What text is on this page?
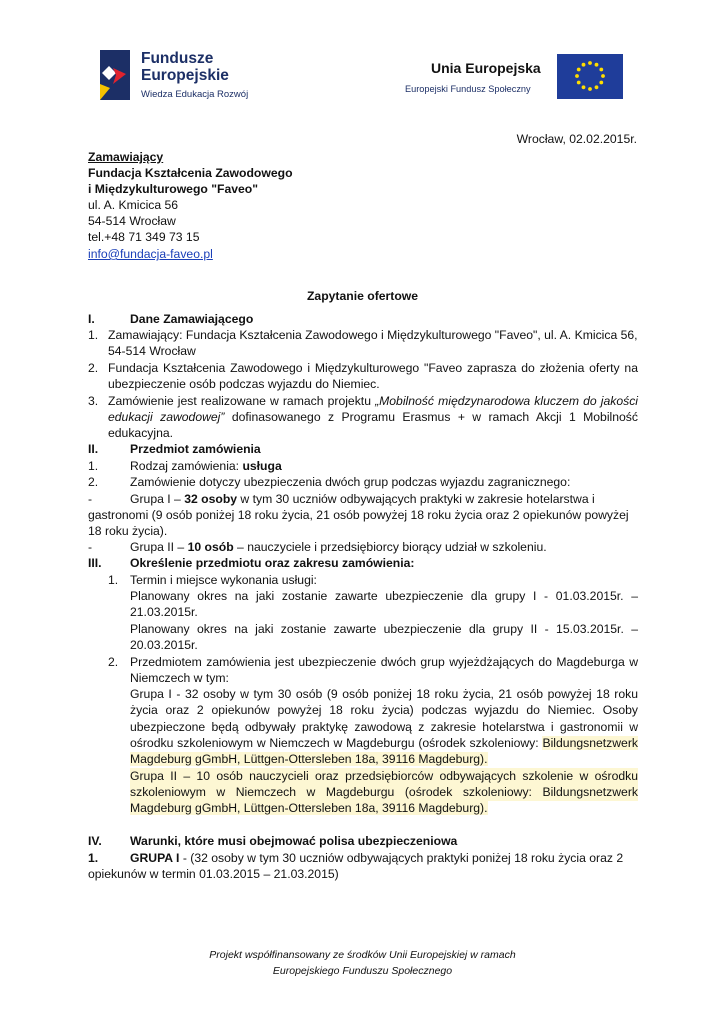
Fundusze
Europejskie
Wiedza Edukacja Rozwój
Unia Europejska
Europejski Fundusz Społeczny
Wrocław, 02.02.2015r.
Zamawiający
Fundacja Kształcenia Zawodowego
i Międzykulturowego "Faveo"
ul. A. Kmicica 56
54-514 Wrocław
tel.+48 71 349 73 15
info@fundacja-faveo.pl
Zapytanie ofertowe
I.	Dane Zamawiającego
1. Zamawiający: Fundacja Kształcenia Zawodowego i Międzykulturowego "Faveo", ul. A. Kmicica 56,
54-514 Wrocław
2. Fundacja Kształcenia Zawodowego i Międzykulturowego "Faveo zaprasza do złożenia oferty na
ubezpieczenie osób podczas wyjazdu do Niemiec.
3. Zamówienie jest realizowane w ramach projektu „Mobilność międzynarodowa kluczem do jakości
edukacji zawodowej” dofinasowanego z Programu Erasmus + w ramach Akcji 1 Mobilność
edukacyjna.
II.	Przedmiot zamówienia
1.	Rodzaj zamówienia: usługa
2.	Zamówienie dotyczy ubezpieczenia dwóch grup podczas wyjazdu zagranicznego:
-	Grupa I – 32 osoby w tym 30 uczniów odbywających praktyki w zakresie hotelarstwa i
gastronomi (9 osób poniżej 18 roku życia, 21 osób powyżej 18 roku życia oraz 2 opiekunów powyżej
18 roku życia).
-	Grupa II – 10 osób – nauczyciele i przedsiębiorcy biorący udział w szkoleniu.
III. Określenie przedmiotu oraz zakresu zamówienia:
1. Termin i miejsce wykonania usługi:
Planowany okres na jaki zostanie zawarte ubezpieczenie dla grupy I - 01.03.2015r. –
21.03.2015r.
Planowany okres na jaki zostanie zawarte ubezpieczenie dla grupy II - 15.03.2015r. –
20.03.2015r.
2. Przedmiotem zamówienia jest ubezpieczenie dwóch grup wyjeżdżających do Magdeburga w
Niemczech w tym:
Grupa I - 32 osoby w tym 30 osób (9 osób poniżej 18 roku życia, 21 osób powyżej 18 roku
życia oraz 2 opiekunów powyżej 18 roku życia) podczas wyjazdu do Niemiec. Osoby
ubezpieczone będą odbywały praktykę zawodową z zakresie hotelarstwa i gastronomii w
ośrodku szkoleniowym w Niemczech w Magdeburgu (ośrodek szkoleniowy: Bildungsnetzwerk
Magdeburg gGmbH, Lüttgen-Ottersleben 18a, 39116 Magdeburg).
Grupa II – 10 osób nauczycieli oraz przedsiębiorców odbywających szkolenie w ośrodku
szkoleniowym w Niemczech w Magdeburgu (ośrodek szkoleniowy: Bildungsnetzwerk
Magdeburg gGmbH, Lüttgen-Ottersleben 18a, 39116 Magdeburg).
IV. Warunki, które musi obejmować polisa ubezpieczeniowa
1.	GRUPA I - (32 osoby w tym 30 uczniów odbywających praktyki poniżej 18 roku życia oraz 2
opiekunów w termin 01.03.2015 – 21.03.2015)
Projekt współfinansowany ze środków Unii Europejskiej w ramach
Europejskiego Funduszu Społecznego
